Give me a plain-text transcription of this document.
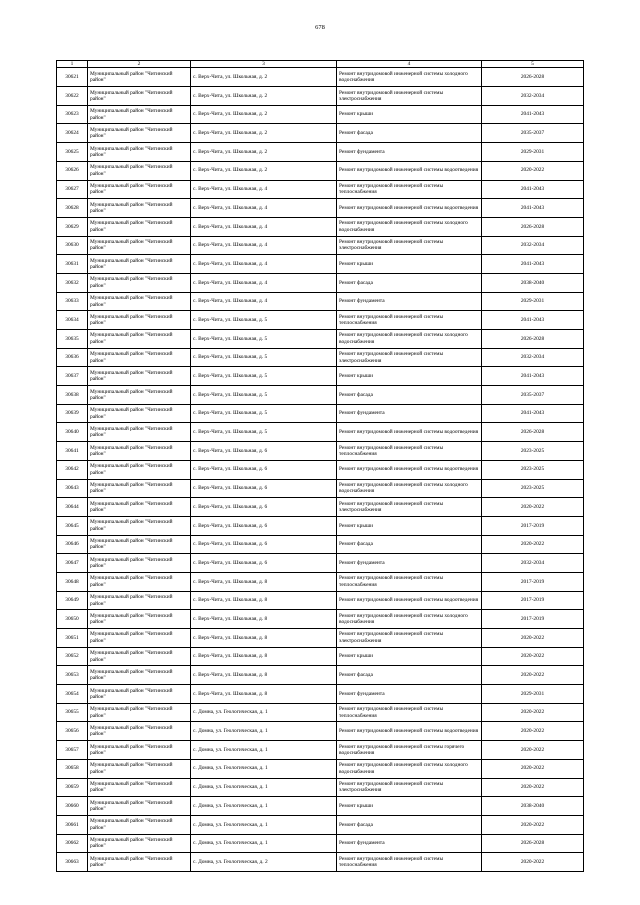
678
1	2	3	4	5
30621	Муниципальный район "Читинский район"	с. Верх-Чита, ул. Школьная, д. 2	Ремонт внутридомовой инженерной системы холодного водоснабжения	2026-2028
30622	Муниципальный район "Читинский район"	с. Верх-Чита, ул. Школьная, д. 2	Ремонт внутридомовой инженерной системы электроснабжения	2032-2034
30623	Муниципальный район "Читинский район"	с. Верх-Чита, ул. Школьная, д. 2	Ремонт крыши	2041-2043
30624	Муниципальный район "Читинский район"	с. Верх-Чита, ул. Школьная, д. 2	Ремонт фасада	2035-2037
30625	Муниципальный район "Читинский район"	с. Верх-Чита, ул. Школьная, д. 2	Ремонт фундамента	2029-2031
30626	Муниципальный район "Читинский район"	с. Верх-Чита, ул. Школьная, д. 2	Ремонт внутридомовой инженерной системы водоотведения	2020-2022
30627	Муниципальный район "Читинский район"	с. Верх-Чита, ул. Школьная, д. 4	Ремонт внутридомовой инженерной системы теплоснабжения	2041-2043
30628	Муниципальный район "Читинский район"	с. Верх-Чита, ул. Школьная, д. 4	Ремонт внутридомовой инженерной системы водоотведения	2041-2043
30629	Муниципальный район "Читинский район"	с. Верх-Чита, ул. Школьная, д. 4	Ремонт внутридомовой инженерной системы холодного водоснабжения	2026-2028
30630	Муниципальный район "Читинский район"	с. Верх-Чита, ул. Школьная, д. 4	Ремонт внутридомовой инженерной системы электроснабжения	2032-2034
30631	Муниципальный район "Читинский район"	с. Верх-Чита, ул. Школьная, д. 4	Ремонт крыши	2041-2043
30632	Муниципальный район "Читинский район"	с. Верх-Чита, ул. Школьная, д. 4	Ремонт фасада	2038-2040
30633	Муниципальный район "Читинский район"	с. Верх-Чита, ул. Школьная, д. 4	Ремонт фундамента	2029-2031
30634	Муниципальный район "Читинский район"	с. Верх-Чита, ул. Школьная, д. 5	Ремонт внутридомовой инженерной системы теплоснабжения	2041-2043
30635	Муниципальный район "Читинский район"	с. Верх-Чита, ул. Школьная, д. 5	Ремонт внутридомовой инженерной системы холодного водоснабжения	2026-2028
30636	Муниципальный район "Читинский район"	с. Верх-Чита, ул. Школьная, д. 5	Ремонт внутридомовой инженерной системы электроснабжения	2032-2034
30637	Муниципальный район "Читинский район"	с. Верх-Чита, ул. Школьная, д. 5	Ремонт крыши	2041-2043
30638	Муниципальный район "Читинский район"	с. Верх-Чита, ул. Школьная, д. 5	Ремонт фасада	2035-2037
30639	Муниципальный район "Читинский район"	с. Верх-Чита, ул. Школьная, д. 5	Ремонт фундамента	2041-2043
30640	Муниципальный район "Читинский район"	с. Верх-Чита, ул. Школьная, д. 5	Ремонт внутридомовой инженерной системы водоотведения	2026-2028
30641	Муниципальный район "Читинский район"	с. Верх-Чита, ул. Школьная, д. 6	Ремонт внутридомовой инженерной системы теплоснабжения	2023-2025
30642	Муниципальный район "Читинский район"	с. Верх-Чита, ул. Школьная, д. 6	Ремонт внутридомовой инженерной системы водоотведения	2023-2025
30643	Муниципальный район "Читинский район"	с. Верх-Чита, ул. Школьная, д. 6	Ремонт внутридомовой инженерной системы холодного водоснабжения	2023-2025
30644	Муниципальный район "Читинский район"	с. Верх-Чита, ул. Школьная, д. 6	Ремонт внутридомовой инженерной системы электроснабжения	2020-2022
30645	Муниципальный район "Читинский район"	с. Верх-Чита, ул. Школьная, д. 6	Ремонт крыши	2017-2019
30646	Муниципальный район "Читинский район"	с. Верх-Чита, ул. Школьная, д. 6	Ремонт фасада	2020-2022
30647	Муниципальный район "Читинский район"	с. Верх-Чита, ул. Школьная, д. 6	Ремонт фундамента	2032-2034
30648	Муниципальный район "Читинский район"	с. Верх-Чита, ул. Школьная, д. 8	Ремонт внутридомовой инженерной системы теплоснабжения	2017-2019
30649	Муниципальный район "Читинский район"	с. Верх-Чита, ул. Школьная, д. 8	Ремонт внутридомовой инженерной системы водоотведения	2017-2019
30650	Муниципальный район "Читинский район"	с. Верх-Чита, ул. Школьная, д. 8	Ремонт внутридомовой инженерной системы холодного водоснабжения	2017-2019
30651	Муниципальный район "Читинский район"	с. Верх-Чита, ул. Школьная, д. 8	Ремонт внутридомовой инженерной системы электроснабжения	2020-2022
30652	Муниципальный район "Читинский район"	с. Верх-Чита, ул. Школьная, д. 8	Ремонт крыши	2020-2022
30653	Муниципальный район "Читинский район"	с. Верх-Чита, ул. Школьная, д. 8	Ремонт фасада	2020-2022
30654	Муниципальный район "Читинский район"	с. Верх-Чита, ул. Школьная, д. 8	Ремонт фундамента	2029-2031
30655	Муниципальный район "Читинский район"	с. Домна, ул. Геологическая, д. 1	Ремонт внутридомовой инженерной системы теплоснабжения	2020-2022
30656	Муниципальный район "Читинский район"	с. Домна, ул. Геологическая, д. 1	Ремонт внутридомовой инженерной системы водоотведения	2020-2022
30657	Муниципальный район "Читинский район"	с. Домна, ул. Геологическая, д. 1	Ремонт внутридомовой инженерной системы горячего водоснабжения	2020-2022
30658	Муниципальный район "Читинский район"	с. Домна, ул. Геологическая, д. 1	Ремонт внутридомовой инженерной системы холодного водоснабжения	2020-2022
30659	Муниципальный район "Читинский район"	с. Домна, ул. Геологическая, д. 1	Ремонт внутридомовой инженерной системы электроснабжения	2020-2022
30660	Муниципальный район "Читинский район"	с. Домна, ул. Геологическая, д. 1	Ремонт крыши	2038-2040
30661	Муниципальный район "Читинский район"	с. Домна, ул. Геологическая, д. 1	Ремонт фасада	2020-2022
30662	Муниципальный район "Читинский район"	с. Домна, ул. Геологическая, д. 1	Ремонт фундамента	2026-2028
30663	Муниципальный район "Читинский район"	с. Домна, ул. Геологическая, д. 2	Ремонт внутридомовой инженерной системы теплоснабжения	2020-2022
